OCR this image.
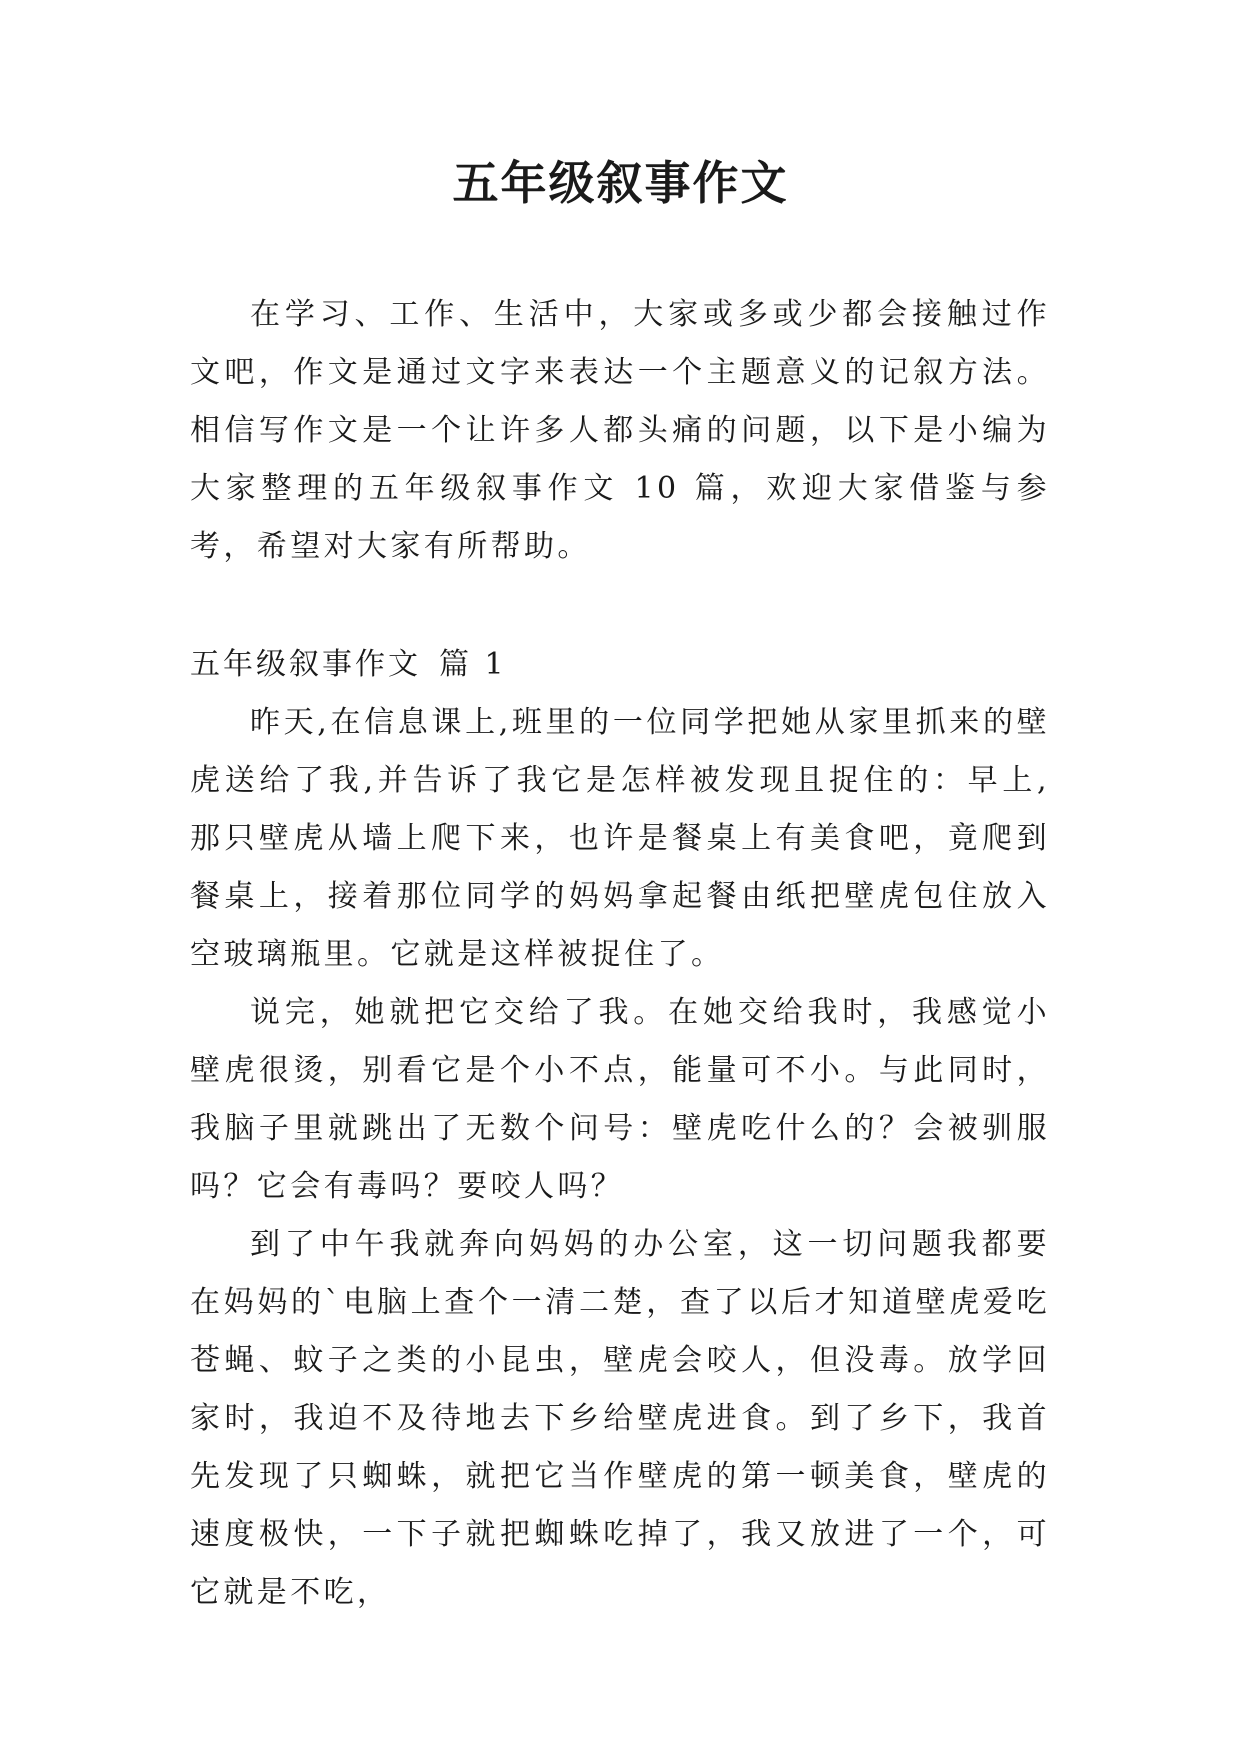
五年级叙事作文

在学习、工作、生活中，大家或多或少都会接触过作文吧，作文是通过文字来表达一个主题意义的记叙方法。相信写作文是一个让许多人都头痛的问题，以下是小编为大家整理的五年级叙事作文 10 篇，欢迎大家借鉴与参考，希望对大家有所帮助。

五年级叙事作文 篇 1

昨天,在信息课上,班里的一位同学把她从家里抓来的壁虎送给了我,并告诉了我它是怎样被发现且捉住的：早上,那只壁虎从墙上爬下来，也许是餐桌上有美食吧，竟爬到餐桌上，接着那位同学的妈妈拿起餐由纸把壁虎包住放入空玻璃瓶里。它就是这样被捉住了。

说完，她就把它交给了我。在她交给我时，我感觉小壁虎很烫，别看它是个小不点，能量可不小。与此同时，我脑子里就跳出了无数个问号：壁虎吃什么的？会被驯服吗？它会有毒吗？要咬人吗？

到了中午我就奔向妈妈的办公室，这一切问题我都要在妈妈的`电脑上查个一清二楚，查了以后才知道壁虎爱吃苍蝇、蚊子之类的小昆虫，壁虎会咬人，但没毒。放学回家时，我迫不及待地去下乡给壁虎进食。到了乡下，我首先发现了只蜘蛛，就把它当作壁虎的第一顿美食，壁虎的速度极快，一下子就把蜘蛛吃掉了，我又放进了一个，可它就是不吃，
